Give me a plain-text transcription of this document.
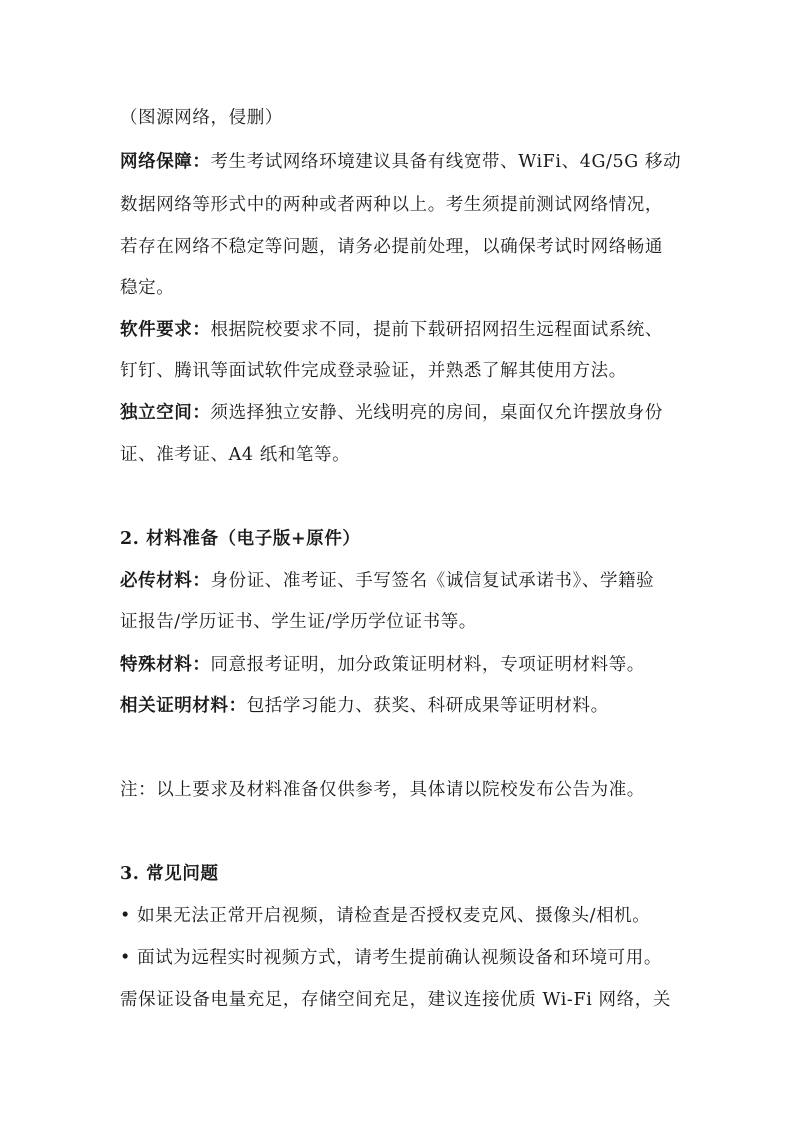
（图源网络，侵删）
网络保障：考生考试网络环境建议具备有线宽带、WiFi、4G/5G 移动
数据网络等形式中的两种或者两种以上。考生须提前测试网络情况，
若存在网络不稳定等问题，请务必提前处理，以确保考试时网络畅通
稳定。
软件要求：根据院校要求不同，提前下载研招网招生远程面试系统、
钉钉、腾讯等面试软件完成登录验证，并熟悉了解其使用方法。
独立空间：须选择独立安静、光线明亮的房间，桌面仅允许摆放身份
证、准考证、A4 纸和笔等。
2. 材料准备（电子版+原件）
必传材料：身份证、准考证、手写签名《诚信复试承诺书》、学籍验
证报告/学历证书、学生证/学历学位证书等。
特殊材料：同意报考证明，加分政策证明材料，专项证明材料等。
相关证明材料：包括学习能力、获奖、科研成果等证明材料。
注：以上要求及材料准备仅供参考，具体请以院校发布公告为准。
3. 常见问题
• 如果无法正常开启视频，请检查是否授权麦克风、摄像头/相机。
• 面试为远程实时视频方式，请考生提前确认视频设备和环境可用。
需保证设备电量充足，存储空间充足，建议连接优质 Wi-Fi 网络，关
